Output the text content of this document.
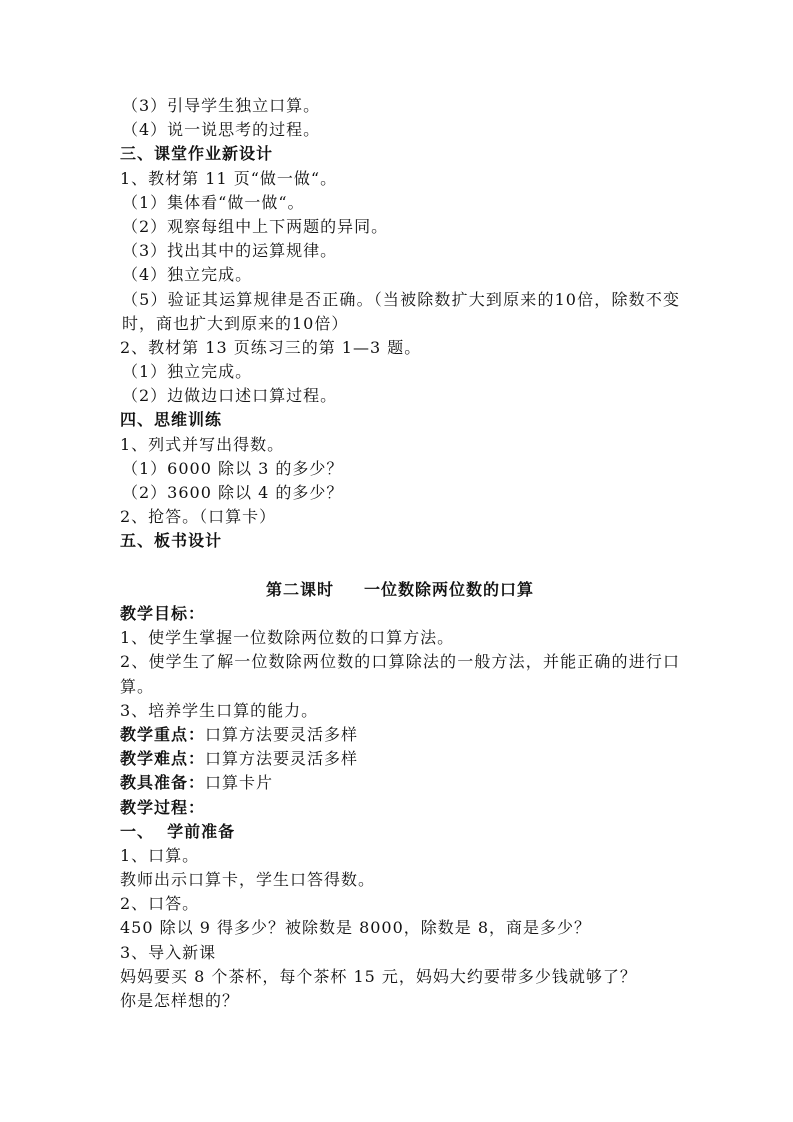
（3）引导学生独立口算。
（4）说一说思考的过程。
三、课堂作业新设计
1、教材第 11 页“做一做“。
（1）集体看“做一做“。
（2）观察每组中上下两题的异同。
（3）找出其中的运算规律。
（4）独立完成。
（5）验证其运算规律是否正确。（当被除数扩大到原来的10倍，除数不变时，商也扩大到原来的10倍）
2、教材第 13 页练习三的第 1—3 题。
（1）独立完成。
（2）边做边口述口算过程。
四、思维训练
1、列式并写出得数。
（1）6000 除以 3 的多少？
（2）3600 除以 4 的多少？
2、抢答。（口算卡）
五、板书设计
第二课时 一位数除两位数的口算
教学目标：
1、使学生掌握一位数除两位数的口算方法。
2、使学生了解一位数除两位数的口算除法的一般方法，并能正确的进行口算。
3、培养学生口算的能力。
教学重点：口算方法要灵活多样
教学难点：口算方法要灵活多样
教具准备：口算卡片
教学过程：
一、  学前准备
1、口算。
教师出示口算卡，学生口答得数。
2、口答。
450 除以 9 得多少？被除数是 8000，除数是 8，商是多少？
3、导入新课
妈妈要买 8 个茶杯，每个茶杯 15 元，妈妈大约要带多少钱就够了？
你是怎样想的？
